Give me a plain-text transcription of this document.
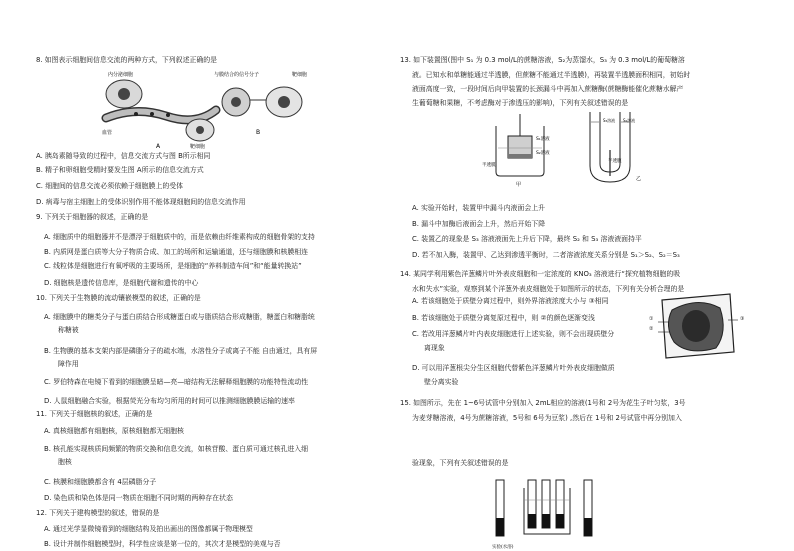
8. 如图表示细胞间信息交流的两种方式，下列叙述正确的是
内分泌细胞
血管
靶细胞
A
与膜结合的信号分子	靶细胞
B
A. 胰岛素随导致的过程中，信息交流方式与图 B所示相同
B. 精子和卵细胞受精时要发生图 A所示的信息交流方式
C. 细胞间的信息交流必须依赖于细胞膜上的受体
D. 病毒与宿主细胞上的受体识别作用不能体现细胞间的信息交流作用
9. 下列关于细胞器的叙述，正确的是
A. 细胞质中的细胞器并不是漂浮于细胞质中的，而是依赖由纤维素构成的细胞骨架的支持
B. 内质网是蛋白质等大分子物质合成、加工的场所和运输通道，还与细胞膜和核膜相连
C. 线粒体是细胞进行有氧呼吸的主要场所，是细胞的“养料制造车间”和“能量转换站”
D. 细胞核是遗传信息库，是细胞代谢和遗传的中心
10. 下列关于生物膜的流动镶嵌模型的叙述，正确的是
A. 细胞膜中的糖类分子与蛋白质结合形成糖蛋白或与脂质结合形成糖脂，糖蛋白和糖脂统
称糖被
B. 生物膜的基本支架内部是磷脂分子的疏水端，水溶性分子或离子不能 自由通过，具有屏
障作用
C. 罗伯特森在电镜下看到的细胞膜呈暗—亮—暗结构无法解释细胞膜的功能特性流动性
D. 人鼠细胞融合实验，根据荧光分布均匀所用的时间可以推测细胞膜膜运输的速率
11. 下列关于细胞核的叙述，正确的是
A. 真核细胞都有细胞核，原核细胞都无细胞核
B. 核孔能实现核质间频繁的物质交换和信息交流，如核苷酸、蛋白质可通过核孔进入细
胞核
C. 核膜和细胞膜都含有 4层磷脂分子
D. 染色质和染色体是同一物质在细胞不同时期的两种存在状态
12. 下列关于建构模型的叙述，错误的是
A. 通过光学显微镜看到的细胞结构及拍出画出的图像都属于物理模型
B. 设计并制作细胞模型时，科学性应该是第一位的，其次才是模型的美观与否
13. 如下装置图(图中 S₁ 为 0.3 mol/L的蔗糖溶液，S₂为蒸馏水，S₃ 为 0.3 mol/L的葡萄糖溶
液。已知水和单糖能通过半透膜，但蔗糖不能通过半透膜)，再装置半透膜面积相同，初始时
液面高度一致，一段时间后向甲装置的长颈漏斗中再加入蔗糖酶(蔗糖酶能催化蔗糖水解产
生葡萄糖和果糖，不考虑酶对于渗透压的影响)，下列有关叙述错误的是
S₁溶液
S₂溶液
半透膜
甲
S₃溶液 S₂溶液
半透膜
乙
A. 实验开始时，装置甲中漏斗内液面会上升
B. 漏斗中加酶后液面会上升，然后开始下降
C. 装置乙的现象是 S₃ 溶液液面先上升后下降，最终 S₂ 和 S₃ 溶液液面持平
D. 若不加入酶，装置甲、乙达到渗透平衡时，二者溶液浓度关系分别是 S₁＞S₂、S₂＝S₃
14. 某同学利用紫色洋葱鳞片叶外表皮细胞和一定浓度的 KNO₃ 溶液进行“探究植物细胞的吸
水和失水”实验，观察到某个洋葱外表皮细胞处于如图所示的状态，下列有关分析合理的是
①
②
③
A. 若该细胞处于质壁分离过程中，则外界溶液浓度大小与 ③相同
B. 若该细胞处于质壁分离复原过程中，则 ②的颜色逐渐变浅
C. 若改用洋葱鳞片叶内表皮细胞进行上述实验，则不会出现质壁分
离现象
D. 可以用洋葱根尖分生区细胞代替紫色洋葱鳞片叶外表皮细胞做质
壁分离实验
15. 如图所示，先在 1~6号试管中分别加入 2mL相应的溶液(1号和 2号为花生子叶匀浆，3号
为麦芽糖溶液，4号为蔗糖溶液，5号和 6号为豆浆) ,然后在 1号和 2号试管中再分别加入
验现象，下列有关叙述错误的是
实验(水浴)
